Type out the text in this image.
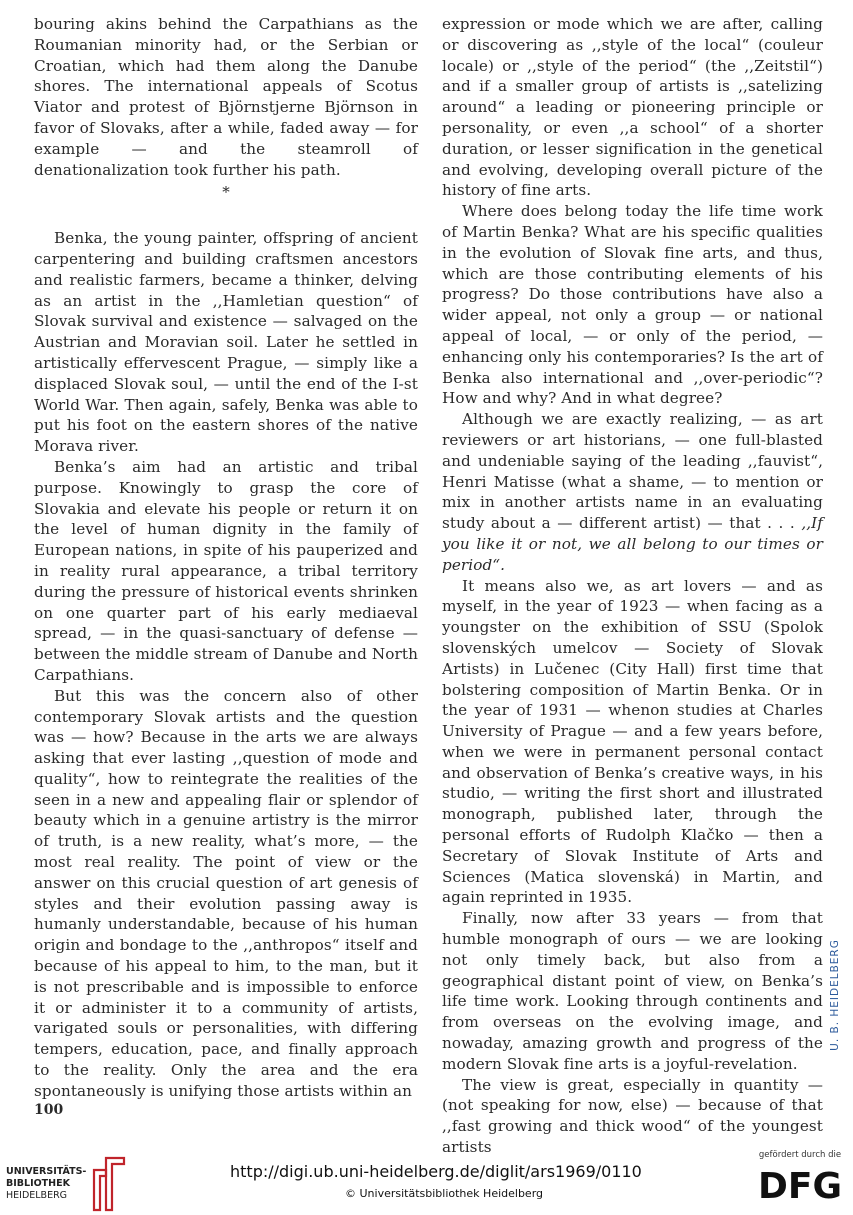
bouring akins behind the Carpathians as the Roumanian minority had, or the Serbian or Croatian, which had them along the Danube shores. The international appeals of Scotus Viator and protest of Björnstjerne Björnson in favor of Slovaks, after a while, faded away — for example — and the steamroll of denationalization took further his path.

*

Benka, the young painter, offspring of ancient carpentering and building craftsmen ancestors and realistic farmers, became a thinker, delving as an artist in the ,,Hamletian question“ of Slovak survival and existence — salvaged on the Austrian and Moravian soil. Later he settled in artistically effervescent Prague, — simply like a displaced Slovak soul, — until the end of the I-st World War. Then again, safely, Benka was able to put his foot on the eastern shores of the native Morava river.

Benka’s aim had an artistic and tribal purpose. Knowingly to grasp the core of Slovakia and elevate his people or return it on the level of human dignity in the family of European nations, in spite of his pauperized and in reality rural appearance, a tribal territory during the pressure of historical events shrinken on one quarter part of his early mediaeval spread, — in the quasi-sanctuary of defense — between the middle stream of Danube and North Carpathians.

But this was the concern also of other contemporary Slovak artists and the question was — how? Because in the arts we are always asking that ever lasting ,,question of mode and quality“, how to reintegrate the realities of the seen in a new and appealing flair or splendor of beauty which in a genuine artistry is the mirror of truth, is a new reality, what’s more, — the most real reality. The point of view or the answer on this crucial question of art genesis of styles and their evolution passing away is humanly understandable, because of his human origin and bondage to the ,,anthropos“ itself and because of his appeal to him, to the man, but it is not prescribable and is impossible to enforce it or administer it to a community of artists, varigated souls or personalities, with differing tempers, education, pace, and finally approach to the reality. Only the area and the era spontaneously is unifying those artists within an

expression or mode which we are after, calling or discovering as ,,style of the local“ (couleur locale) or ,,style of the period“ (the ,,Zeitstil“) and if a smaller group of artists is ,,satelizing around“ a leading or pioneering principle or personality, or even ,,a school“ of a shorter duration, or lesser signification in the genetical and evolving, developing overall picture of the history of fine arts.

Where does belong today the life time work of Martin Benka? What are his specific qualities in the evolution of Slovak fine arts, and thus, which are those contributing elements of his progress? Do those contributions have also a wider appeal, not only a group — or national appeal of local, — or only of the period, — enhancing only his contemporaries? Is the art of Benka also international and ,,over-periodic“? How and why? And in what degree?

Although we are exactly realizing, — as art reviewers or art historians, — one full-blasted and undeniable saying of the leading ,,fauvist“, Henri Matisse (what a shame, — to mention or mix in another artists name in an evaluating study about a — different artist) — that . . . ,,If you like it or not, we all belong to our times or period“.

It means also we, as art lovers — and as myself, in the year of 1923 — when facing as a youngster on the exhibition of SSU (Spolok slovenských umelcov — Society of Slovak Artists) in Lučenec (City Hall) first time that bolstering composition of Martin Benka. Or in the year of 1931 — whenon studies at Charles University of Prague — and a few years before, when we were in permanent personal contact and observation of Benka’s creative ways, in his studio, — writing the first short and illustrated monograph, published later, through the personal efforts of Rudolph Klačko — then a Secretary of Slovak Institute of Arts and Sciences (Matica slovenská) in Martin, and again reprinted in 1935.

Finally, now after 33 years — from that humble monograph of ours — we are looking not only timely back, but also from a geographical distant point of view, on Benka’s life time work. Looking through continents and from overseas on the evolving image, and nowaday, amazing growth and progress of the modern Slovak fine arts is a joyful-revelation.

The view is great, especially in quantity — (not speaking for now, else) — because of that ,,fast growing and thick wood“ of the youngest artists

100
U. B. HEIDELBERG
UNIVERSITÄTS-
BIBLIOTHEK
HEIDELBERG
http://digi.ub.uni-heidelberg.de/diglit/ars1969/0110
© Universitätsbibliothek Heidelberg
gefördert durch die
DFG
